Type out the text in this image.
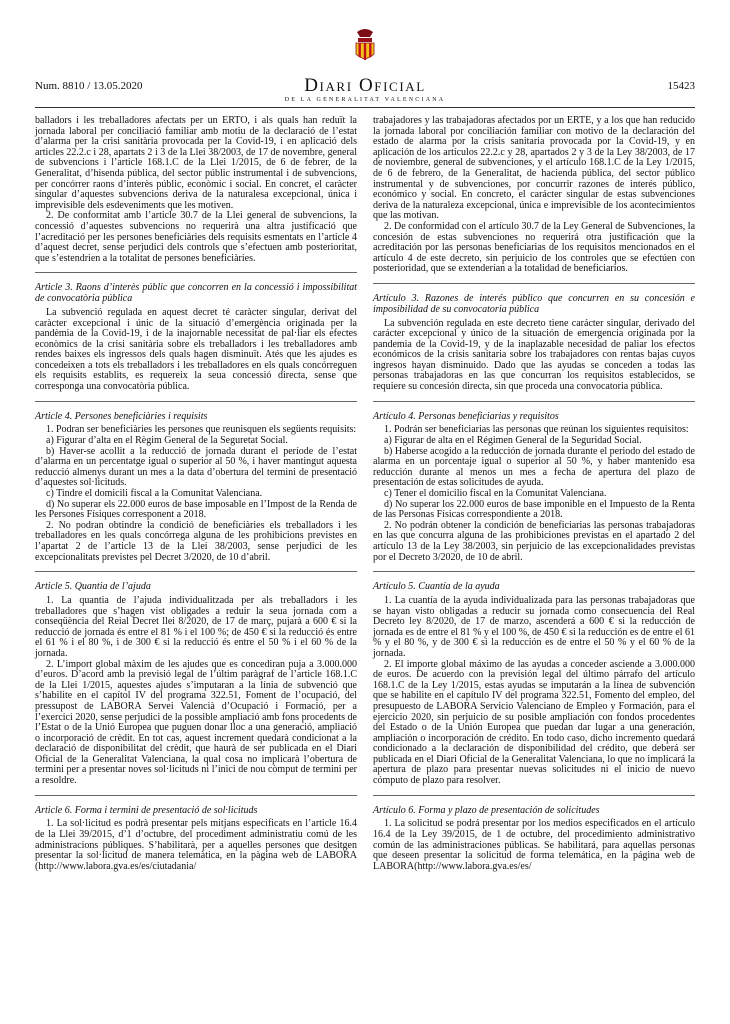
Diari Oficial
DE LA GENERALITAT VALENCIANA
Num. 8810 / 13.05.2020	15423

balladors i les treballadores afectats per un ERTO, i als quals han reduït la jornada laboral per conciliació familiar amb motiu de la declaració de l’estat d’alarma per la crisi sanitària provocada per la Covid-19, i en aplicació dels articles 22.2.c i 28, apartats 2 i 3 de la Llei 38/2003, de 17 de novembre, general de subvencions i l’article 168.1.C de la Llei 1/2015, de 6 de febrer, de la Generalitat, d’hisenda pública, del sector públic instrumental i de subvencions, per concórrer raons d’interès públic, econòmic i social. En concret, el caràcter singular d’aquestes subvencions deriva de la naturalesa excepcional, única i imprevisible dels esdeveniments que les motiven.

2. De conformitat amb l’article 30.7 de la Llei general de subvencions, la concessió d’aquestes subvencions no requerirà una altra justificació que l’acreditació per les persones beneficiàries dels requisits esmentats en l’article 4 d’aquest decret, sense perjudici dels controls que s’efectuen amb posterioritat, que s’estendrien a la totalitat de persones beneficiàries.

Article 3. Raons d’interès públic que concorren en la concessió i impossibilitat de convocatòria pública

La subvenció regulada en aquest decret té caràcter singular, derivat del caràcter excepcional i únic de la situació d’emergència originada per la pandèmia de la Covid-19, i de la inajornable necessitat de pal·liar els efectes econòmics de la crisi sanitària sobre els treballadors i les treballadores amb rendes baixes els ingressos dels quals hagen disminuït. Atés que les ajudes es concedeixen a tots els treballadors i les treballadores en els quals concórreguen els requisits establits, es requereix la seua concessió directa, sense que corresponga una convocatòria pública.

Article 4. Persones beneficiàries i requisits

1. Podran ser beneficiàries les persones que reunisquen els següents requisits:

a) Figurar d’alta en el Règim General de la Seguretat Social.

b) Haver-se acollit a la reducció de jornada durant el període de l’estat d’alarma en un percentatge igual o superior al 50 %, i haver mantingut aquesta reducció almenys durant un mes a la data d’obertura del termini de presentació d’aquestes sol·licituds.

c) Tindre el domicili fiscal a la Comunitat Valenciana.

d) No superar els 22.000 euros de base imposable en l’Impost de la Renda de les Persones Físiques corresponent a 2018.

2. No podran obtindre la condició de beneficiàries els treballadors i les treballadores en les quals concórrega alguna de les prohibicions previstes en l’apartat 2 de l’article 13 de la Llei 38/2003, sense perjudici de les excepcionalitats previstes pel Decret 3/2020, de 10 d’abril.

Article 5. Quantia de l’ajuda

1. La quantia de l’ajuda individualitzada per als treballadors i les treballadores que s’hagen vist obligades a reduir la seua jornada com a conseqüència del Reial Decret llei 8/2020, de 17 de març, pujarà a 600 € si la reducció de jornada és entre el 81 % i el 100 %; de 450 € si la reducció és entre el 61 % i el 80 %, i de 300 € si la reducció és entre el 50 % i el 60 % de la jornada.

2. L’import global màxim de les ajudes que es concediran puja a 3.000.000 d’euros. D’acord amb la previsió legal de l’últim paràgraf de l’article 168.1.C de la Llei 1/2015, aquestes ajudes s’imputaran a la línia de subvenció que s’habilite en el capítol IV del programa 322.51, Foment de l’ocupació, del pressupost de LABORA Servei Valencià d’Ocupació i Formació, per a l’exercici 2020, sense perjudici de la possible ampliació amb fons procedents de l’Estat o de la Unió Europea que puguen donar lloc a una generació, ampliació o incorporació de crèdit. En tot cas, aquest increment quedarà condicionat a la declaració de disponibilitat del crèdit, que haurà de ser publicada en el Diari Oficial de la Generalitat Valenciana, la qual cosa no implicarà l’obertura de termini per a presentar noves sol·licituds ni l’inici de nou còmput de termini per a resoldre.

Article 6. Forma i termini de presentació de sol·licituds

1. La sol·licitud es podrà presentar pels mitjans especificats en l’article 16.4 de la Llei 39/2015, d’1 d’octubre, del procediment administratiu comú de les administracions públiques. S’habilitarà, per a aquelles persones que desitgen presentar la sol·licitud de manera telemàtica, en la pàgina web de LABORA (http://www.labora.gva.es/es/ciutadania/

trabajadores y las trabajadoras afectados por un ERTE, y a los que han reducido la jornada laboral por conciliación familiar con motivo de la declaración del estado de alarma por la crisis sanitaria provocada por la Covid-19, y en aplicación de los artículos 22.2.c y 28, apartados 2 y 3 de la Ley 38/2003, de 17 de noviembre, general de subvenciones, y el artículo 168.1.C de la Ley 1/2015, de 6 de febrero, de la Generalitat, de hacienda pública, del sector público instrumental y de subvenciones, por concurrir razones de interés público, económico y social. En concreto, el carácter singular de estas subvenciones deriva de la naturaleza excepcional, única e imprevisible de los acontecimientos que las motivan.

2. De conformidad con el artículo 30.7 de la Ley General de Subvenciones, la concesión de estas subvenciones no requerirá otra justificación que la acreditación por las personas beneficiarias de los requisitos mencionados en el artículo 4 de este decreto, sin perjuicio de los controles que se efectúen con posterioridad, que se extenderían a la totalidad de beneficiarios.

Artículo 3. Razones de interés público que concurren en su concesión e imposibilidad de su convocatoria pública

La subvención regulada en este decreto tiene carácter singular, derivado del carácter excepcional y único de la situación de emergencia originada por la pandemia de la Covid-19, y de la inaplazable necesidad de paliar los efectos económicos de la crisis sanitaria sobre los trabajadores con rentas bajas cuyos ingresos hayan disminuido. Dado que las ayudas se conceden a todas las personas trabajadoras en las que concurran los requisitos establecidos, se requiere su concesión directa, sin que proceda una convocatoria pública.

Artículo 4. Personas beneficiarias y requisitos

1. Podrán ser beneficiarias las personas que reúnan los siguientes requisitos:

a) Figurar de alta en el Régimen General de la Seguridad Social.

b) Haberse acogido a la reducción de jornada durante el periodo del estado de alarma en un porcentaje igual o superior al 50 %, y haber mantenido esa reducción durante al menos un mes a fecha de apertura del plazo de presentación de estas solicitudes de ayuda.

c) Tener el domicilio fiscal en la Comunitat Valenciana.

d) No superar los 22.000 euros de base imponible en el Impuesto de la Renta de las Personas Físicas correspondiente a 2018.

2. No podrán obtener la condición de beneficiarias las personas trabajadoras en las que concurra alguna de las prohibiciones previstas en el apartado 2 del artículo 13 de la Ley 38/2003, sin perjuicio de las excepcionalidades previstas por el Decreto 3/2020, de 10 de abril.

Artículo 5. Cuantía de la ayuda

1. La cuantía de la ayuda individualizada para las personas trabajadoras que se hayan visto obligadas a reducir su jornada como consecuencia del Real Decreto ley 8/2020, de 17 de marzo, ascenderá a 600 € si la reducción de jornada es de entre el 81 % y el 100 %, de 450 € si la reducción es de entre el 61 % y el 80 %, y de 300 € si la reducción es de entre el 50 % y el 60 % de la jornada.

2. El importe global máximo de las ayudas a conceder asciende a 3.000.000 de euros. De acuerdo con la previsión legal del último párrafo del artículo 168.1.C de la Ley 1/2015, estas ayudas se imputarán a la línea de subvención que se habilite en el capítulo IV del programa 322.51, Fomento del empleo, del presupuesto de LABORA Servicio Valenciano de Empleo y Formación, para el ejercicio 2020, sin perjuicio de su posible ampliación con fondos procedentes del Estado o de la Unión Europea que puedan dar lugar a una generación, ampliación o incorporación de crédito. En todo caso, dicho incremento quedará condicionado a la declaración de disponibilidad del crédito, que deberá ser publicada en el Diari Oficial de la Generalitat Valenciana, lo que no implicará la apertura de plazo para presentar nuevas solicitudes ni el inicio de nuevo cómputo de plazo para resolver.

Artículo 6. Forma y plazo de presentación de solicitudes

1. La solicitud se podrá presentar por los medios especificados en el artículo 16.4 de la Ley 39/2015, de 1 de octubre, del procedimiento administrativo común de las administraciones públicas. Se habilitará, para aquellas personas que deseen presentar la solicitud de forma telemática, en la página web de LABORA(http://www.labora.gva.es/es/
